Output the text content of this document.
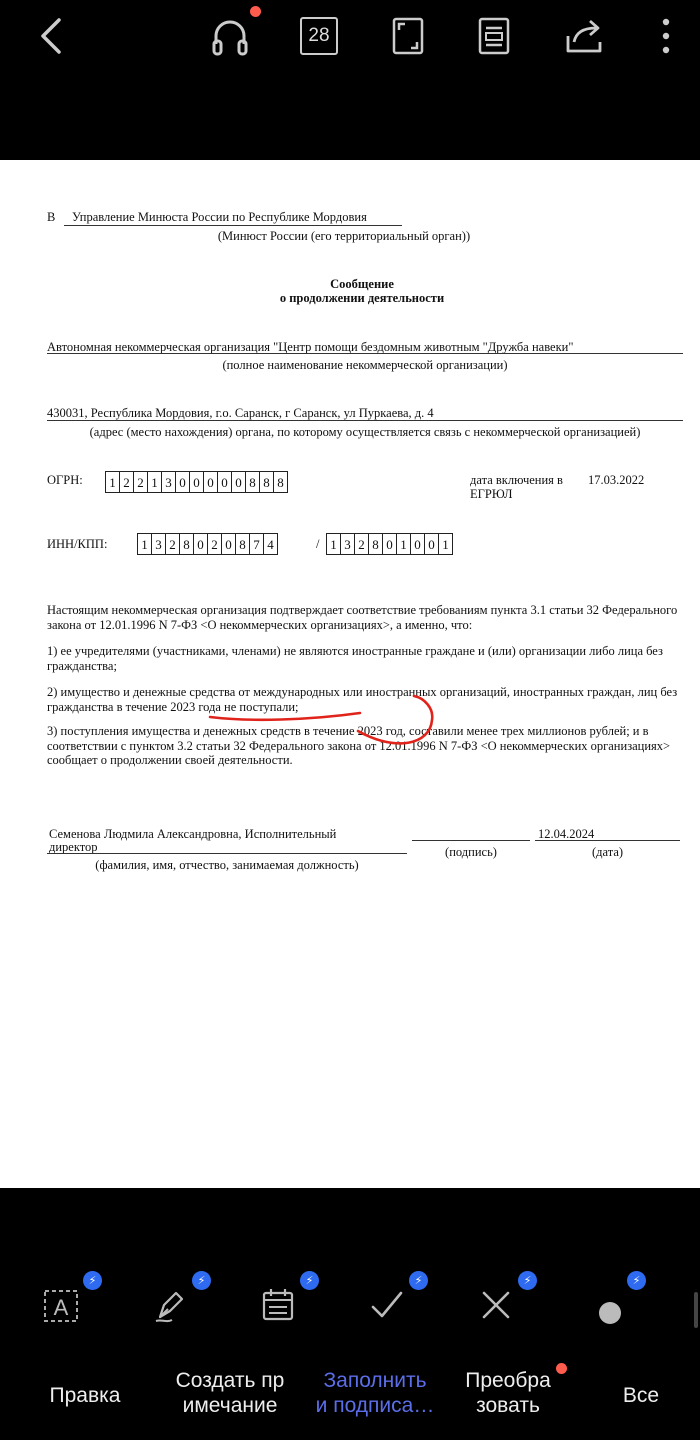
28
В Управление Минюста России по Республике Мордовия
(Минюст России (его территориальный орган))
Сообщение
о продолжении деятельности
Автономная некоммерческая организация "Центр помощи бездомным животным "Дружба навеки"
(полное наименование некоммерческой организации)
430031, Республика Мордовия, г.о. Саранск, г Саранск, ул Пуркаева, д. 4
(адрес (место нахождения) органа, по которому осуществляется связь с некоммерческой организацией)
ОГРН:	1 2 2 1 3 0 0 0 0 0 8 8 8	дата включения в
ЕГРЮЛ
17.03.2022
ИНН/КПП:	1 3 2 8 0 2 0 8 7 4	/ 1 3 2 8 0 1 0 0 1
Настоящим некоммерческая организация подтверждает соответствие требованиям пункта 3.1 статьи 32 Федерального закона от 12.01.1996 N 7-ФЗ <О некоммерческих организациях>, а именно, что:
1) ее учредителями (участниками, членами) не являются иностранные граждане и (или) организации либо лица без гражданства;
2) имущество и денежные средства от международных или иностранных организаций, иностранных граждан, лиц без гражданства в течение 2023 года не поступали;
3) поступления имущества и денежных средств в течение 2023 год, составили менее трех миллионов рублей; и в соответствии с пунктом 3.2 статьи 32 Федерального закона от 12.01.1996 N 7-ФЗ <О некоммерческих организациях> сообщает о продолжении своей деятельности.
Семенова Людмила Александровна, Исполнительный
директор
(фамилия, имя, отчество, занимаемая должность)
(подпись)
12.04.2024
(дата)
A
⚡	⚡	⚡	⚡	⚡	⚡
Правка
Создать пр
имечание
Заполнить
и подписа…
Преобра
зовать	Все
